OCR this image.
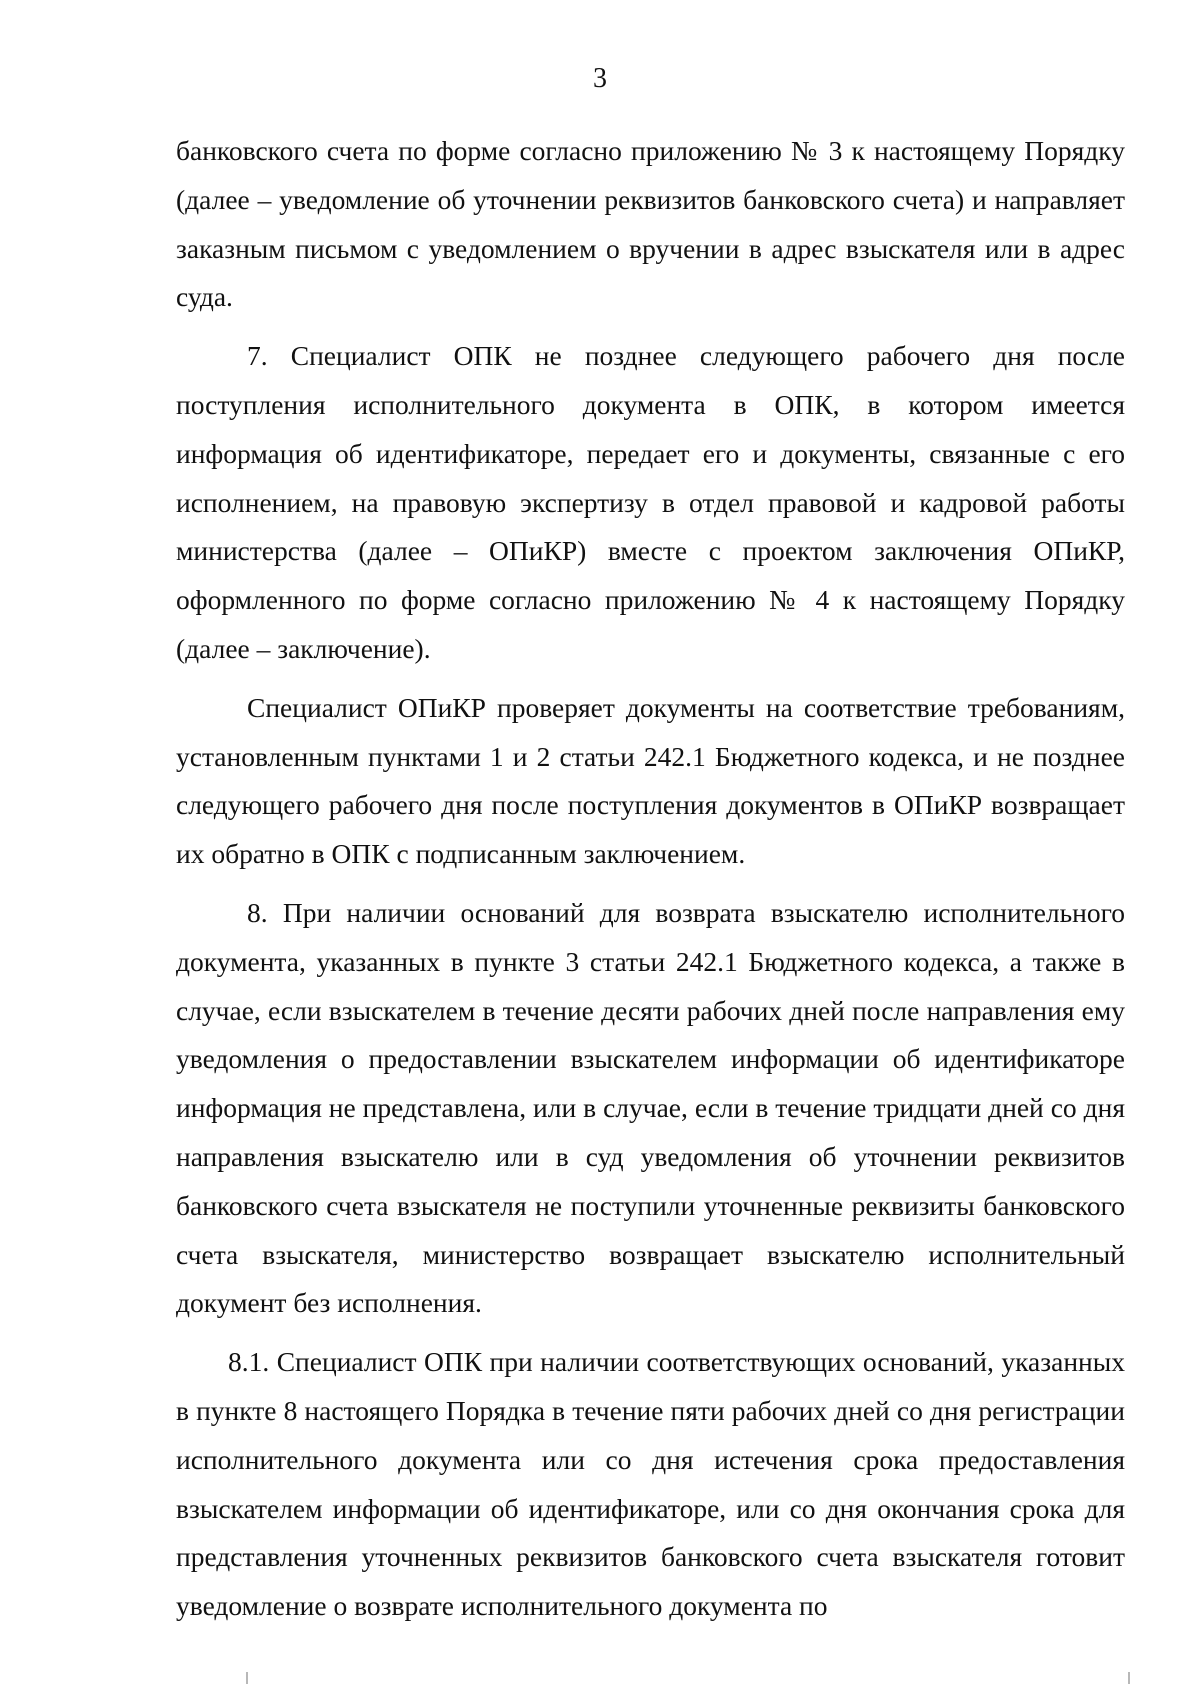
3

банковского счета по форме согласно приложению № 3 к настоящему Порядку (далее – уведомление об уточнении реквизитов банковского счета) и направляет заказным письмом с уведомлением о вручении в адрес взыскателя или в адрес суда.

7. Специалист ОПК не позднее следующего рабочего дня после поступления исполнительного документа в ОПК, в котором имеется информация об идентификаторе, передает его и документы, связанные с его исполнением, на правовую экспертизу в отдел правовой и кадровой работы министерства (далее – ОПиКР) вместе с проектом заключения ОПиКР, оформленного по форме согласно приложению № 4 к настоящему Порядку (далее – заключение).

Специалист ОПиКР проверяет документы на соответствие требованиям, установленным пунктами 1 и 2 статьи 242.1 Бюджетного кодекса, и не позднее следующего рабочего дня после поступления документов в ОПиКР возвращает их обратно в ОПК с подписанным заключением.

8. При наличии оснований для возврата взыскателю исполнительного документа, указанных в пункте 3 статьи 242.1 Бюджетного кодекса, а также в случае, если взыскателем в течение десяти рабочих дней после направления ему уведомления о предоставлении взыскателем информации об идентификаторе информация не представлена, или в случае, если в течение тридцати дней со дня направления взыскателю или в суд уведомления об уточнении реквизитов банковского счета взыскателя не поступили уточненные реквизиты банковского счета взыскателя, министерство возвращает взыскателю исполнительный документ без исполнения.

8.1. Специалист ОПК при наличии соответствующих оснований, указанных в пункте 8 настоящего Порядка в течение пяти рабочих дней со дня регистрации исполнительного документа или со дня истечения срока предоставления взыскателем информации об идентификаторе, или со дня окончания срока для представления уточненных реквизитов банковского счета взыскателя готовит уведомление о возврате исполнительного документа по
